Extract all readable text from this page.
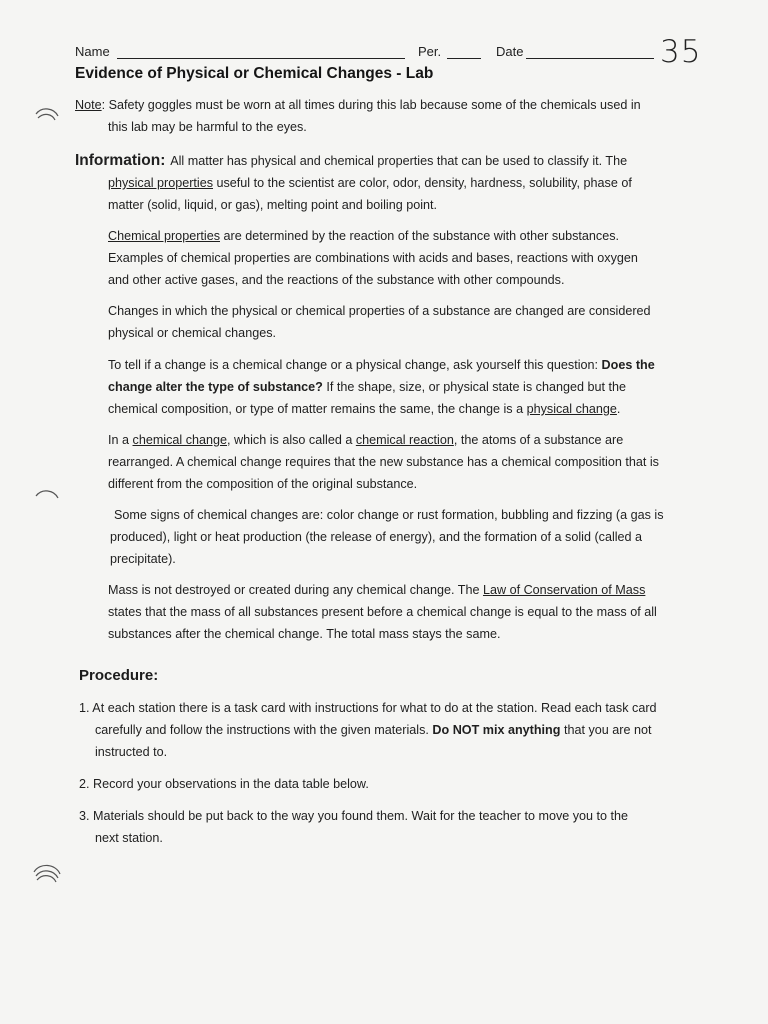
Name	Per.	Date	35
Evidence of Physical or Chemical Changes - Lab
Note: Safety goggles must be worn at all times during this lab because some of the chemicals used in
this lab may be harmful to the eyes.
Information: All matter has physical and chemical properties that can be used to classify it. The
physical properties useful to the scientist are color, odor, density, hardness, solubility, phase of
matter (solid, liquid, or gas), melting point and boiling point.
Chemical properties are determined by the reaction of the substance with other substances.
Examples of chemical properties are combinations with acids and bases, reactions with oxygen
and other active gases, and the reactions of the substance with other compounds.
Changes in which the physical or chemical properties of a substance are changed are considered
physical or chemical changes.
To tell if a change is a chemical change or a physical change, ask yourself this question: Does the
change alter the type of substance? If the shape, size, or physical state is changed but the
chemical composition, or type of matter remains the same, the change is a physical change.
In a chemical change, which is also called a chemical reaction, the atoms of a substance are
rearranged. A chemical change requires that the new substance has a chemical composition that is
different from the composition of the original substance.
Some signs of chemical changes are: color change or rust formation, bubbling and fizzing (a gas is
produced), light or heat production (the release of energy), and the formation of a solid (called a
precipitate).
Mass is not destroyed or created during any chemical change. The Law of Conservation of Mass
states that the mass of all substances present before a chemical change is equal to the mass of all
substances after the chemical change. The total mass stays the same.
Procedure:
1. At each station there is a task card with instructions for what to do at the station. Read each task card
carefully and follow the instructions with the given materials. Do NOT mix anything that you are not
instructed to.
2. Record your observations in the data table below.
3. Materials should be put back to the way you found them. Wait for the teacher to move you to the
next station.
